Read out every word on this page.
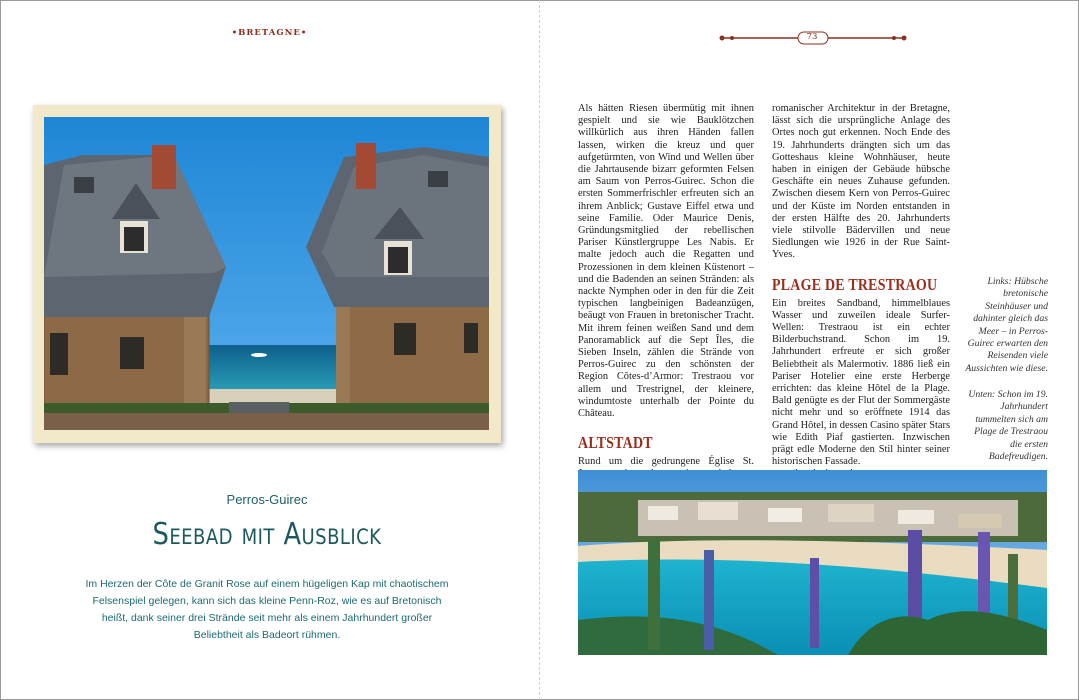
•BRETAGNE•
Perros-Guirec
Seebad mit Ausblick
Im Herzen der Côte de Granit Rose auf einem hügeligen Kap mit chaotischem Felsenspiel gelegen, kann sich das kleine Penn-Roz, wie es auf Bretonisch heißt, dank seiner drei Strände seit mehr als einem Jahrhundert großer Beliebtheit als Badeort rühmen.
73

Als hätten Riesen übermütig mit ihnen gespielt und sie wie Bauklötzchen willkürlich aus ihren Händen fallen lassen, wirken die kreuz und quer aufgetürmten, von Wind und Wellen über die Jahrtausende bizarr geformten Felsen am Saum von Perros-Guirec. Schon die ersten Sommerfrischler erfreuten sich an ihrem Anblick; Gustave Eiffel etwa und seine Familie. Oder Maurice Denis, Gründungsmitglied der rebellischen Pariser Künstlergruppe Les Nabis. Er malte jedoch auch die Regatten und Prozessionen in dem kleinen Küstenort – und die Badenden an seinen Stränden: als nackte Nymphen oder in den für die Zeit typischen langbeinigen Badeanzügen, beäugt von Frauen in bretonischer Tracht. Mit ihrem feinen weißen Sand und dem Panoramablick auf die Sept Îles, die Sieben Inseln, zählen die Strände von Perros-Guirec zu den schönsten der Region Côtes-d’Armor: Trestraou vor allem und Trestrignel, der kleinere, windumtoste unterhalb der Pointe du Château.

ALTSTADT

Rund um die gedrungene Église St.

romanischer Architektur in der Bretagne, lässt sich die ursprüngliche Anlage des Ortes noch gut erkennen. Noch Ende des 19. Jahrhunderts drängten sich um das Gotteshaus kleine Wohnhäuser, heute haben in einigen der Gebäude hübsche Geschäfte ein neues Zuhause gefunden. Zwischen diesem Kern von Perros-Guirec und der Küste im Norden entstanden in der ersten Hälfte des 20. Jahrhunderts viele stilvolle Bädervillen und neue Siedlungen wie 1926 in der Rue Saint-Yves.

PLAGE DE TRESTRAOU

Ein breites Sandband, himmelblaues Wasser und zuweilen ideale Surfer-Wellen: Trestraou ist ein echter Bilderbuchstrand. Schon im 19. Jahrhundert erfreute er sich großer Beliebtheit als Malermotiv. 1886 ließ ein Pariser Hotelier eine erste Herberge errichten: das kleine Hôtel de la Plage. Bald genügte es der Flut der Sommergäste nicht mehr und so eröffnete 1914 das Grand Hôtel, in dessen Casino später Stars wie Edith Piaf gastierten. Inzwischen prägt edle Moderne den Stil hinter seiner historischen Fassade.

Links: Hübsche bretonische Steinhäuser und dahinter gleich das Meer – in Perros-Guirec erwarten den Reisenden viele Aussichten wie diese.
Unten: Schon im 19. Jahrhundert tummelten sich am Plage de Trestraou die ersten Badefreudigen.
